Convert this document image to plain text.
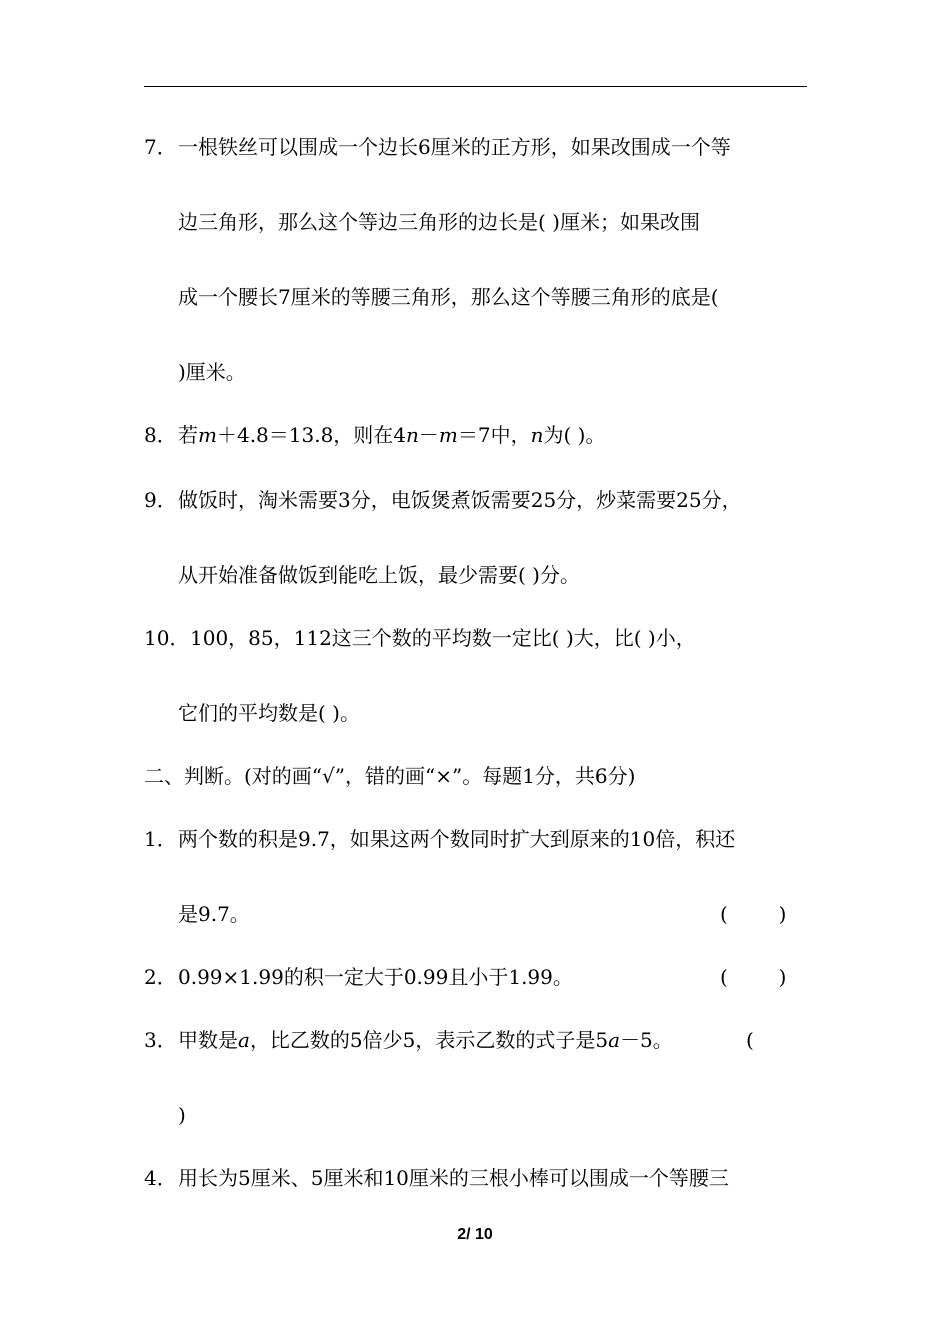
7．一根铁丝可以围成一个边长6厘米的正方形，如果改围成一个等
边三角形，那么这个等边三角形的边长是( )厘米；如果改围
成一个腰长7厘米的等腰三角形，那么这个等腰三角形的底是(
)厘米。
8．若m＋4.8＝13.8，则在4n－m＝7中，n为( )。
9．做饭时，淘米需要3分，电饭煲煮饭需要25分，炒菜需要25分，
从开始准备做饭到能吃上饭，最少需要( )分。
10．100，85，112这三个数的平均数一定比( )大，比( )小，
它们的平均数是( )。
二、判断。(对的画“√”，错的画“×”。每题1分，共6分)
1．两个数的积是9.7，如果这两个数同时扩大到原来的10倍，积还
是9.7。	(        )
2．0.99×1.99的积一定大于0.99且小于1.99。	(        )
3．甲数是a，比乙数的5倍少5，表示乙数的式子是5a－5。	(
)
4．用长为5厘米、5厘米和10厘米的三根小棒可以围成一个等腰三
2/ 10
